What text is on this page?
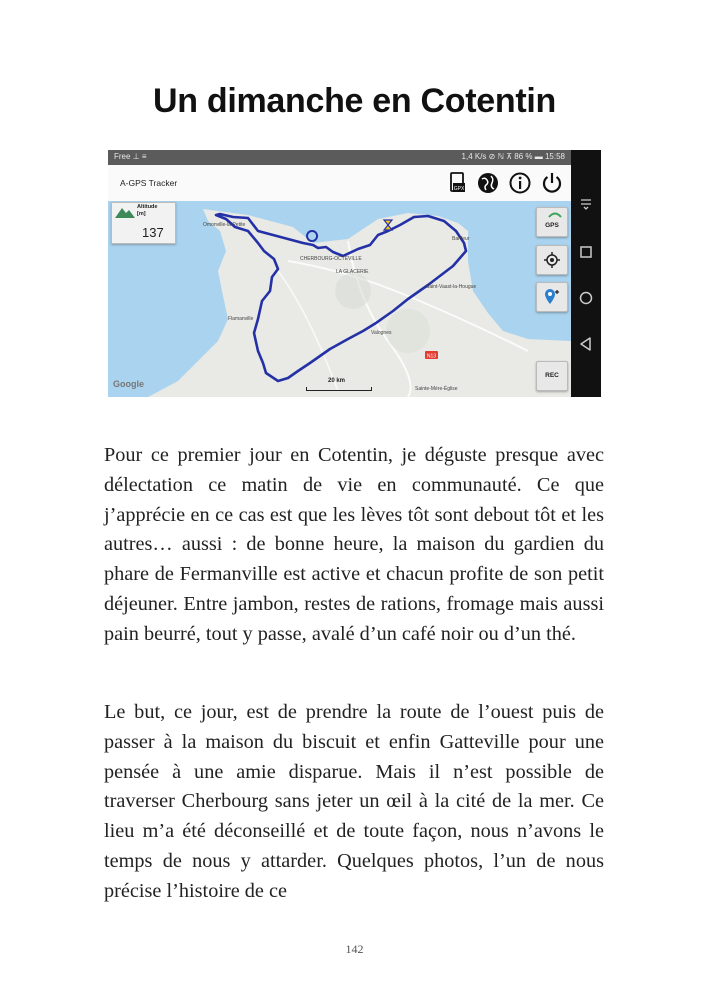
Un dimanche en Cotentin
Free ⊥ ≡	1,4 K/s ⊘ ℕ ⊼ 86 % ▬ 15:58
A-GPS Tracker
GPX
N13
Omonville-la-Petite
CHERBOURG-OCTEVILLE
LA GLACERIE
Barfleur
Saint-Vaast-la-Hougue
Flamanville
Valognes
Sainte-Mère-Église
Altitude
[m]
137	GPS
REC
Google	20 km

Pour ce premier jour en Cotentin, je déguste presque avec délectation ce matin de vie en communauté. Ce que j’apprécie en ce cas est que les lèves tôt sont debout tôt et les autres… aussi : de bonne heure, la maison du gardien du phare de Fermanville est active et chacun profite de son petit déjeuner. Entre jambon, restes de rations, fromage mais aussi pain beurré, tout y passe, avalé d’un café noir ou d’un thé.

Le but, ce jour, est de prendre la route de l’ouest puis de passer à la maison du biscuit et enfin Gatteville pour une pensée à une amie disparue. Mais il n’est possible de traverser Cherbourg sans jeter un œil à la cité de la mer. Ce lieu m’a été déconseillé et de toute façon, nous n’avons le temps de nous y attarder. Quelques photos, l’un de nous précise l’histoire de ce

142
